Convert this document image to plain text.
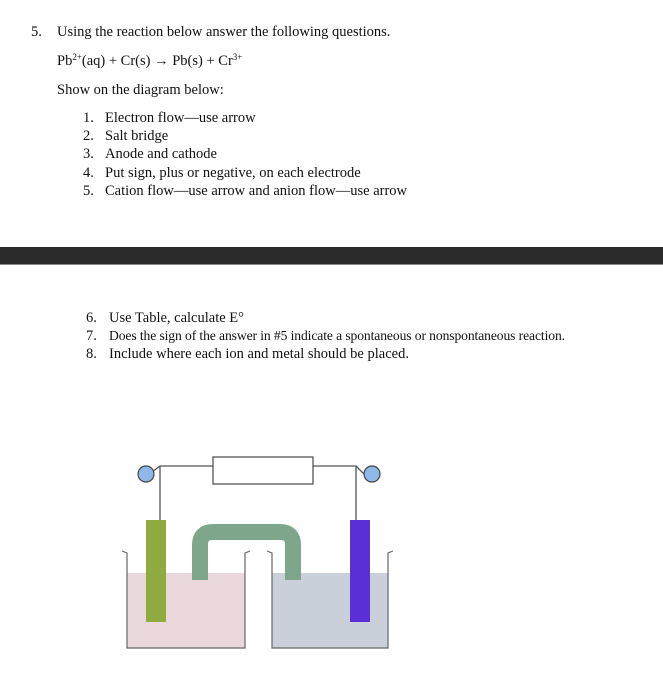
5. Using the reaction below answer the following questions.
$Pb^{2+}(aq) + Cr(s) \to Pb(s) + Cr^{3+}$
Show on the diagram below:
1. Electron flow—use arrow
2. Salt bridge
3. Anode and cathode
4. Put sign, plus or negative, on each electrode
5. Cation flow—use arrow and anion flow—use arrow
6. Use Table, calculate E°
7. Does the sign of the answer in #5 indicate a spontaneous or nonspontaneous reaction.
8. Include where each ion and metal should be placed.
